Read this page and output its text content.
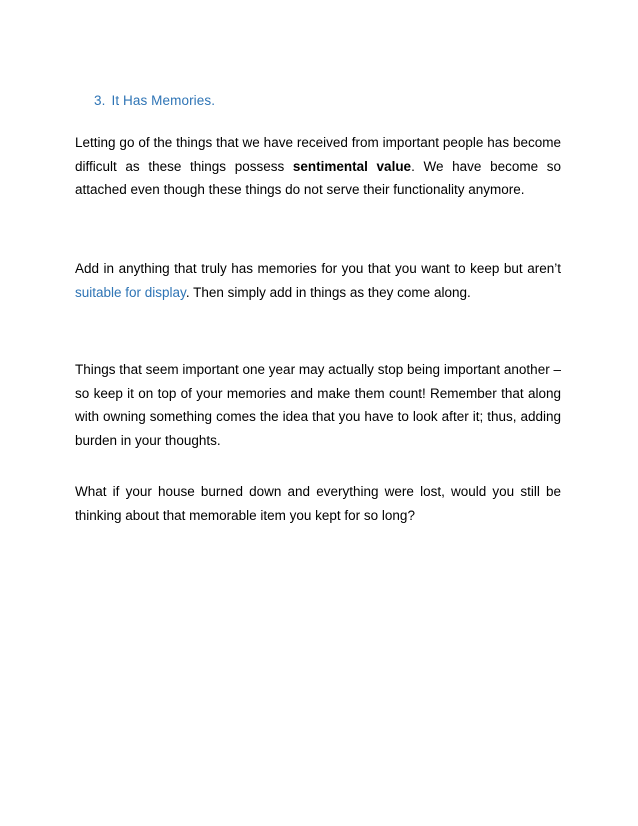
3. It Has Memories.

Letting go of the things that we have received from important people has become difficult as these things possess sentimental value. We have become so attached even though these things do not serve their functionality anymore.

Add in anything that truly has memories for you that you want to keep but aren’t suitable for display. Then simply add in things as they come along.

Things that seem important one year may actually stop being important another – so keep it on top of your memories and make them count! Remember that along with owning something comes the idea that you have to look after it; thus, adding burden in your thoughts.

What if your house burned down and everything were lost, would you still be thinking about that memorable item you kept for so long?
